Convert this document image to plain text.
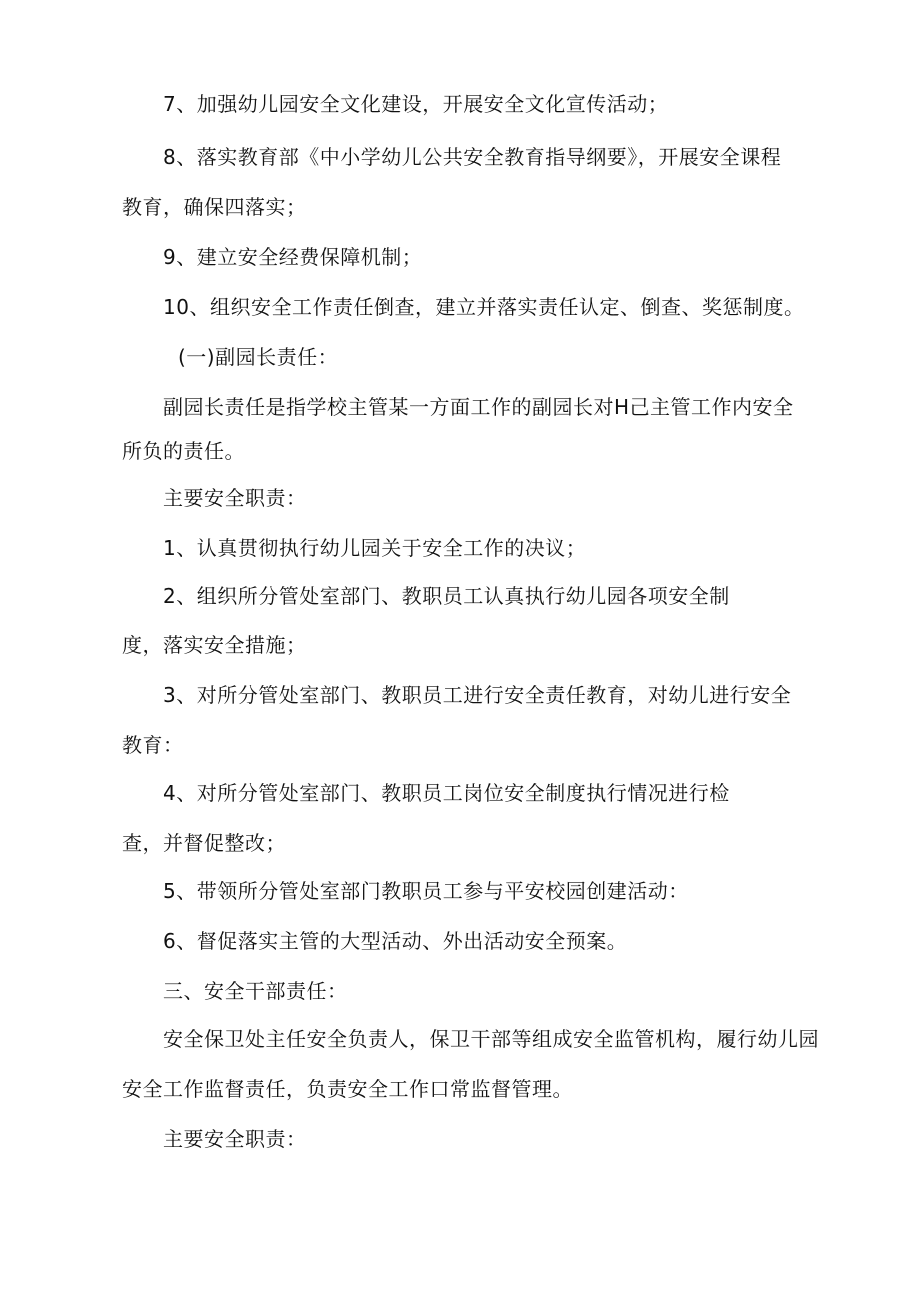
7、加强幼儿园安全文化建设，开展安全文化宣传活动；
8、落实教育部《中小学幼儿公共安全教育指导纲要》，开展安全课程
教育，确保四落实；
9、建立安全经费保障机制；
10、组织安全工作责任倒查，建立并落实责任认定、倒查、奖惩制度。
(一)副园长责任：
副园长责任是指学校主管某一方面工作的副园长对H己主管工作内安全
所负的责任。
主要安全职责：
1、认真贯彻执行幼儿园关于安全工作的决议；
2、组织所分管处室部门、教职员工认真执行幼儿园各项安全制
度，落实安全措施；
3、对所分管处室部门、教职员工进行安全责任教育，对幼儿进行安全
教育：
4、对所分管处室部门、教职员工岗位安全制度执行情况进行检
查，并督促整改；
5、带领所分管处室部门教职员工参与平安校园创建活动：
6、督促落实主管的大型活动、外出活动安全预案。
三、安全干部责任：
安全保卫处主任安全负责人，保卫干部等组成安全监管机构，履行幼儿园
安全工作监督责任，负责安全工作口常监督管理。
主要安全职责：
